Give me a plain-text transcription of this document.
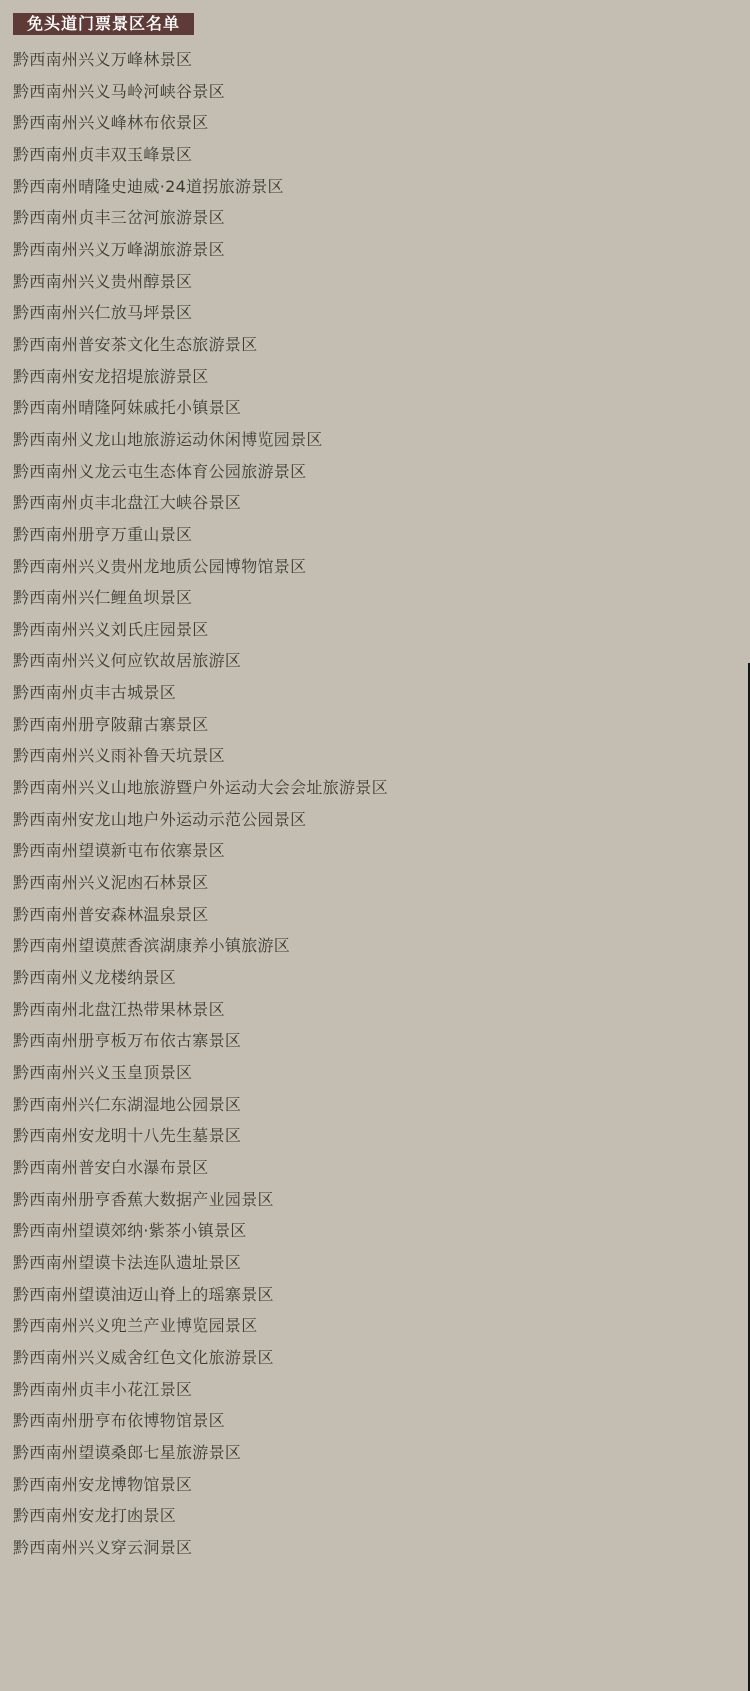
免头道门票景区名单
黔西南州兴义万峰林景区
黔西南州兴义马岭河峡谷景区
黔西南州兴义峰林布依景区
黔西南州贞丰双玉峰景区
黔西南州晴隆史迪威·24道拐旅游景区
黔西南州贞丰三岔河旅游景区
黔西南州兴义万峰湖旅游景区
黔西南州兴义贵州醇景区
黔西南州兴仁放马坪景区
黔西南州普安茶文化生态旅游景区
黔西南州安龙招堤旅游景区
黔西南州晴隆阿妹戚托小镇景区
黔西南州义龙山地旅游运动休闲博览园景区
黔西南州义龙云屯生态体育公园旅游景区
黔西南州贞丰北盘江大峡谷景区
黔西南州册亨万重山景区
黔西南州兴义贵州龙地质公园博物馆景区
黔西南州兴仁鲤鱼坝景区
黔西南州兴义刘氏庄园景区
黔西南州兴义何应钦故居旅游区
黔西南州贞丰古城景区
黔西南州册亨陂鼐古寨景区
黔西南州兴义雨补鲁天坑景区
黔西南州兴义山地旅游暨户外运动大会会址旅游景区
黔西南州安龙山地户外运动示范公园景区
黔西南州望谟新屯布依寨景区
黔西南州兴义泥凼石林景区
黔西南州普安森林温泉景区
黔西南州望谟蔗香滨湖康养小镇旅游区
黔西南州义龙楼纳景区
黔西南州北盘江热带果林景区
黔西南州册亨板万布依古寨景区
黔西南州兴义玉皇顶景区
黔西南州兴仁东湖湿地公园景区
黔西南州安龙明十八先生墓景区
黔西南州普安白水瀑布景区
黔西南州册亨香蕉大数据产业园景区
黔西南州望谟郊纳·紫茶小镇景区
黔西南州望谟卡法连队遗址景区
黔西南州望谟油迈山脊上的瑶寨景区
黔西南州兴义兜兰产业博览园景区
黔西南州兴义威舍红色文化旅游景区
黔西南州贞丰小花江景区
黔西南州册亨布依博物馆景区
黔西南州望谟桑郎七星旅游景区
黔西南州安龙博物馆景区
黔西南州安龙打凼景区
黔西南州兴义穿云洞景区
